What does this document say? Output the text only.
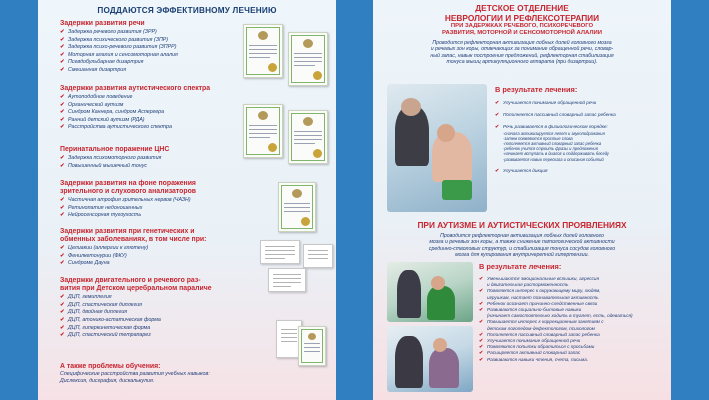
ПОДДАЮТСЯ ЭФФЕКТИВНОМУ ЛЕЧЕНИЮ
Задержки развития речи
✔ Задержка речевого развития (ЗРР)
✔ Задержка психического развития (ЗПР)
✔ Задержка психо-речевого развития (ЗПРР)
✔ Моторная алалия и сенсомоторная алалия
✔ Псевдобульбарная дизартрия
✔ Смешанная дизартрия
Задержки развития аутистического спектра
✔ Аутоподобное поведение
✔ Органический аутизм
✔ Синдром Каннера, синдром Аспергера
✔ Ранний детский аутизм (РДА)
✔ Расстройства аутистического спектра
Перинатальное поражение ЦНС
✔ Задержка психомоторного развития
✔ Повышенный мышечный тонус
Задержки развития на фоне поражения
зрительного и слухового анализаторов
✔ Частичная атрофия зрительных нервов (ЧАЗН)
✔ Ретинопатия недоношенных
✔ Нейросенсорная тугоухость
Задержки развития при генетических и
обменных заболеваниях, в том числе при:
✔ Целиакии (аллергии к глютену)
✔ Фенилкетонурии (ФКУ)
✔ Синдроме Дауна
Задержки двигательного и речевого раз-
вития при Детском церебральном параличе
✔ ДЦП, гемиплегия
✔ ДЦП, спастическая диплегия
✔ ДЦП, двойная диплегия
✔ ДЦП, атонико-астатическая форма
✔ ДЦП, гиперкинетическая форма
✔ ДЦП, спастический тетрапарез
А также проблемы обучения:
Специфические расстройства развития учебных навыков:
Дислексия, дисграфия, дискалькулия.
ДЕТСКОЕ ОТДЕЛЕНИЕ
НЕВРОЛОГИИ И РЕФЛЕКСОТЕРАПИИ
ПРИ ЗАДЕРЖКАХ РЕЧЕВОГО, ПСИХОРЕЧЕВОГО
РАЗВИТИЯ, МОТОРНОЙ И СЕНСОМОТОРНОЙ АЛАЛИИ
Проводится рефлекторная активизация лобных долей головного мозга
и речевых зон коры, отвечающих за понимание обращенной речи, словар-
ный запас, навык построения предложений, рефлекторная стабилизация
тонуса мышц артикуляционного аппарата (при дизартрии).
В результате лечения:
✔ Улучшается понимание обращенной речи
✔ Пополняется пассивный словарный запас ребенка
✔ Речь развивается в физиологическом порядке:
-сначала активизируется лепет и звукоподражания
-затем появляются простые слова
-пополняется активный словарный запас ребенка
-ребенок учится строить фразы и предложения
-начинает вступать в диалог и поддерживать беседу
-развивается навык пересказа и описания событий
✔ Улучшается дикция
ПРИ АУТИЗМЕ И АУТИСТИЧЕСКИХ ПРОЯВЛЕНИЯХ
Проводится рефлекторная активизация лобных долей головного
мозга и речевых зон коры, а также снижение патологической активности
срединно-стволовых структур, и стабилизация тонуса сосудов головного
мозга для купирования внутричерепной гипертензии.
В результате лечения:
✔ Уменьшаются эмоциональные вспышки, агрессия
и двигательная расторможенность
✔ Появляется интерес к окружающему миру, людям,
игрушкам, настает познавательная активность
✔ Ребенок осознает причинно-следственные связи
✔ Развиваются социально-бытовые навыки
(начинает самостоятельно ходить в туалет, есть, одеваться)
✔ Повышается интерес к коррекционным занятиям с
детским логопедом-дефектологом, психологом
✔ Пополняется пассивный словарный запас ребенка
✔ Улучшается понимание обращенной речи
✔ Появляются попытки обратиться с просьбами
✔ Расширяется активный словарный запас
✔ Развиваются навыки чтения, счета, письма.
